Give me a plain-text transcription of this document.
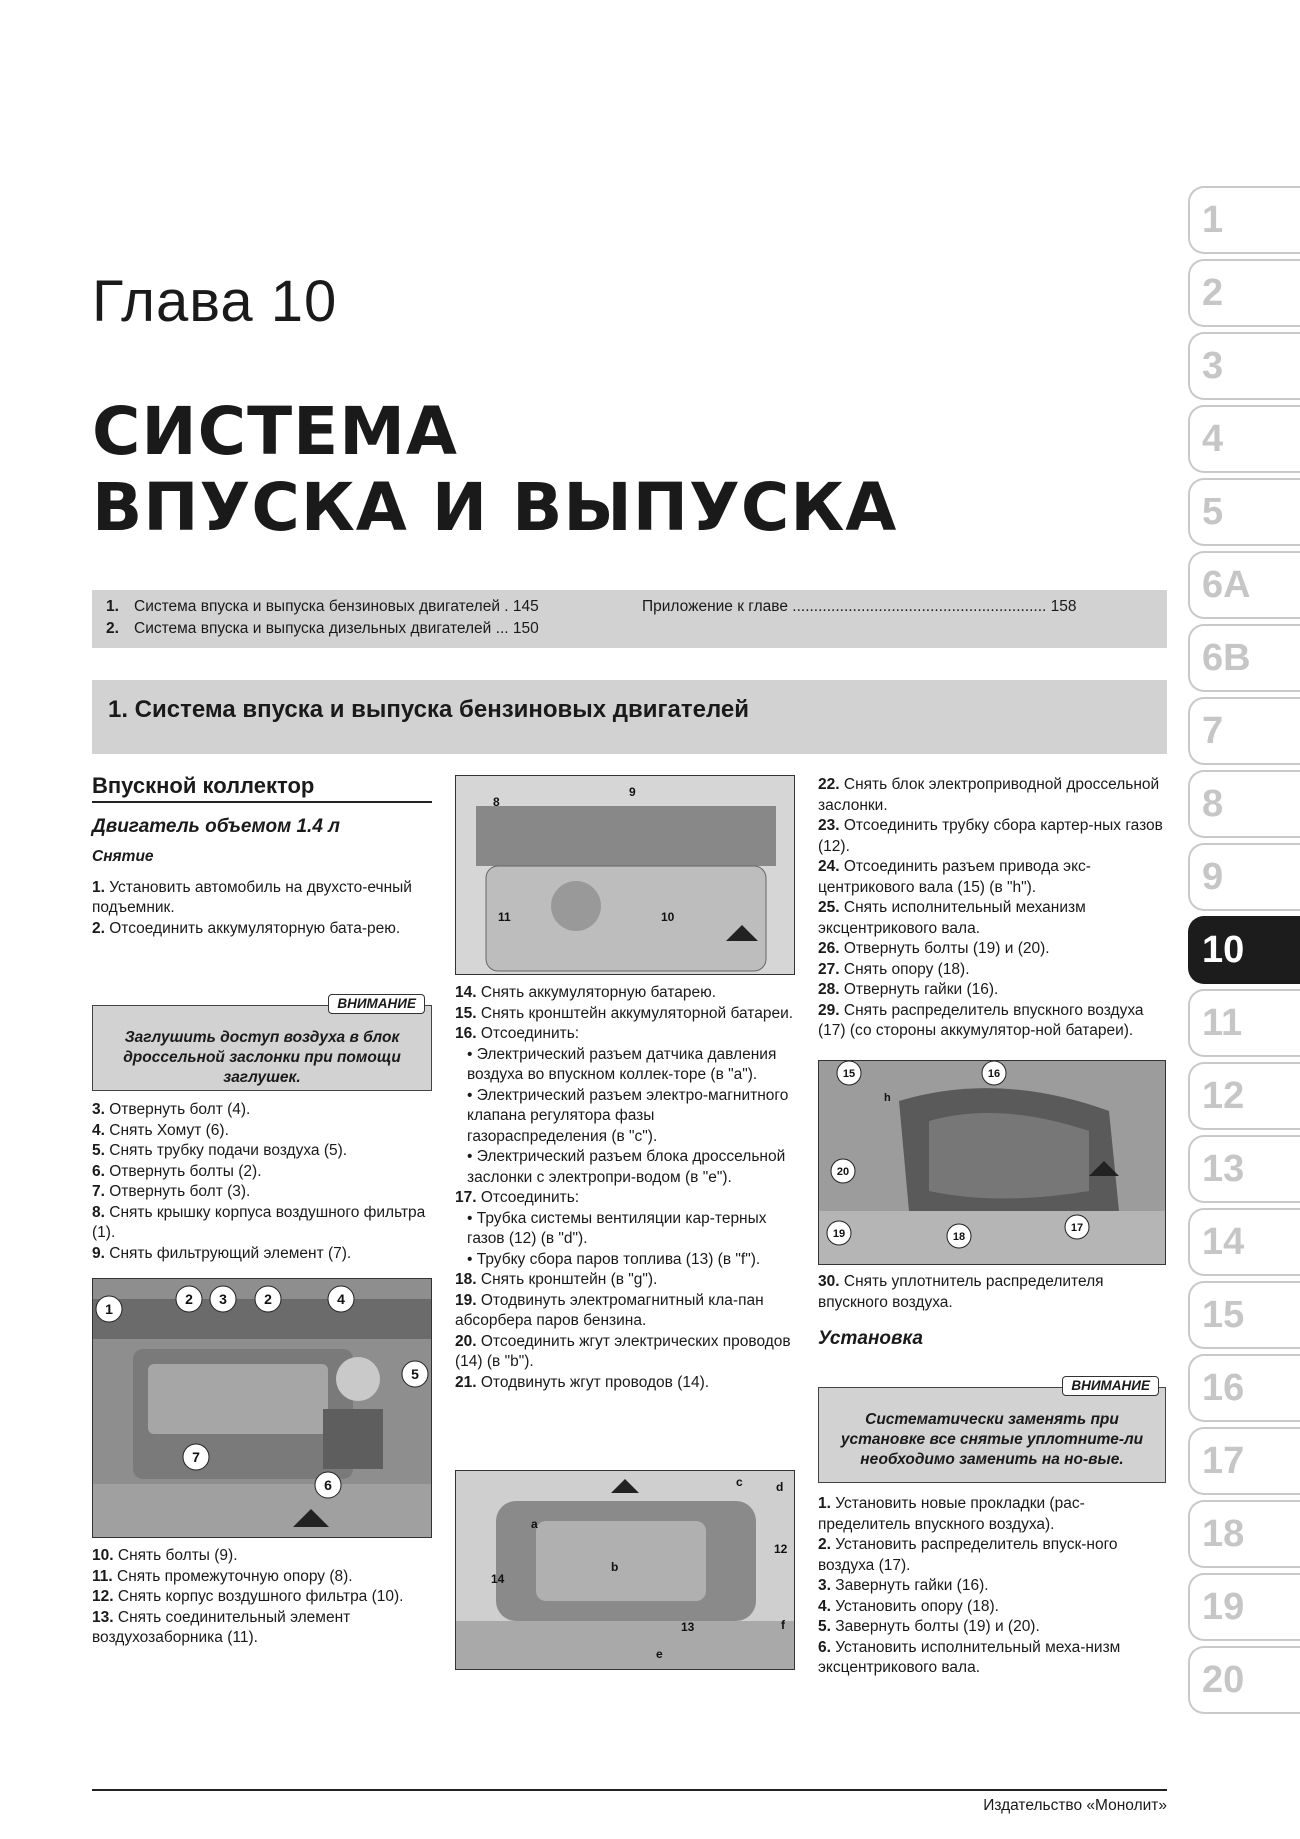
Глава 10
СИСТЕМА
ВПУСКА И ВЫПУСКА
1. Система впуска и выпуска бензиновых двигателей . 145
2. Система впуска и выпуска дизельных двигателей ... 150
Приложение к главе ........................................................... 158
1. Система впуска и выпуска бензиновых двигателей
1
2
3
4
5
6A
6B
7
8
9
10
11
12
13
14
15
16
17
18
19
20
Впускной коллектор
Двигатель объемом 1.4 л
Снятие

1. Установить автомобиль на двухсто-ечный подъемник.

2. Отсоединить аккумуляторную бата-рею.

ВНИМАНИЕ
Заглушить доступ воздуха в блок дроссельной заслонки при помощи заглушек.

3. Отвернуть болт (4).

4. Снять Хомут (6).

5. Снять трубку подачи воздуха (5).

6. Отвернуть болты (2).

7. Отвернуть болт (3).

8. Снять крышку корпуса воздушного фильтра (1).

9. Снять фильтрующий элемент (7).

1
2 3	2	4
5
7
6

10. Снять болты (9).

11. Снять промежуточную опору (8).

12. Снять корпус воздушного фильтра (10).

13. Снять соединительный элемент воздухозаборника (11).

8
9
11	10

14. Снять аккумуляторную батарею.

15. Снять кронштейн аккумуляторной батареи.

16. Отсоединить:

• Электрический разъем датчика давления воздуха во впускном коллек-торе (в "а").

• Электрический разъем электро-магнитного клапана регулятора фазы газораспределения (в "с").

• Электрический разъем блока дроссельной заслонки с электропри-водом (в "е").

17. Отсоединить:

• Трубка системы вентиляции кар-терных газов (12) (в "d").

• Трубку сбора паров топлива (13) (в "f").

18. Снять кронштейн (в "g").

19. Отодвинуть электромагнитный кла-пан абсорбера паров бензина.

20. Отсоединить жгут электрических проводов (14) (в "b").

21. Отодвинуть жгут проводов (14).

c	d
a
b
12
14
13	f
e

22. Снять блок электроприводной дроссельной заслонки.

23. Отсоединить трубку сбора картер-ных газов (12).

24. Отсоединить разъем привода экс-центрикового вала (15) (в "h").

25. Снять исполнительный механизм эксцентрикового вала.

26. Отвернуть болты (19) и (20).

27. Снять опору (18).

28. Отвернуть гайки (16).

29. Снять распределитель впускного воздуха (17) (со стороны аккумулятор-ной батареи).

15	16
h
20
19	18
17

30. Снять уплотнитель распределителя впускного воздуха.

Установка
ВНИМАНИЕ
Систематически заменять при установке все снятые уплотните-ли необходимо заменить на но-вые.

1. Установить новые прокладки (рас-пределитель впускного воздуха).

2. Установить распределитель впуск-ного воздуха (17).

3. Завернуть гайки (16).

4. Установить опору (18).

5. Завернуть болты (19) и (20).

6. Установить исполнительный меха-низм эксцентрикового вала.

Издательство «Монолит»
